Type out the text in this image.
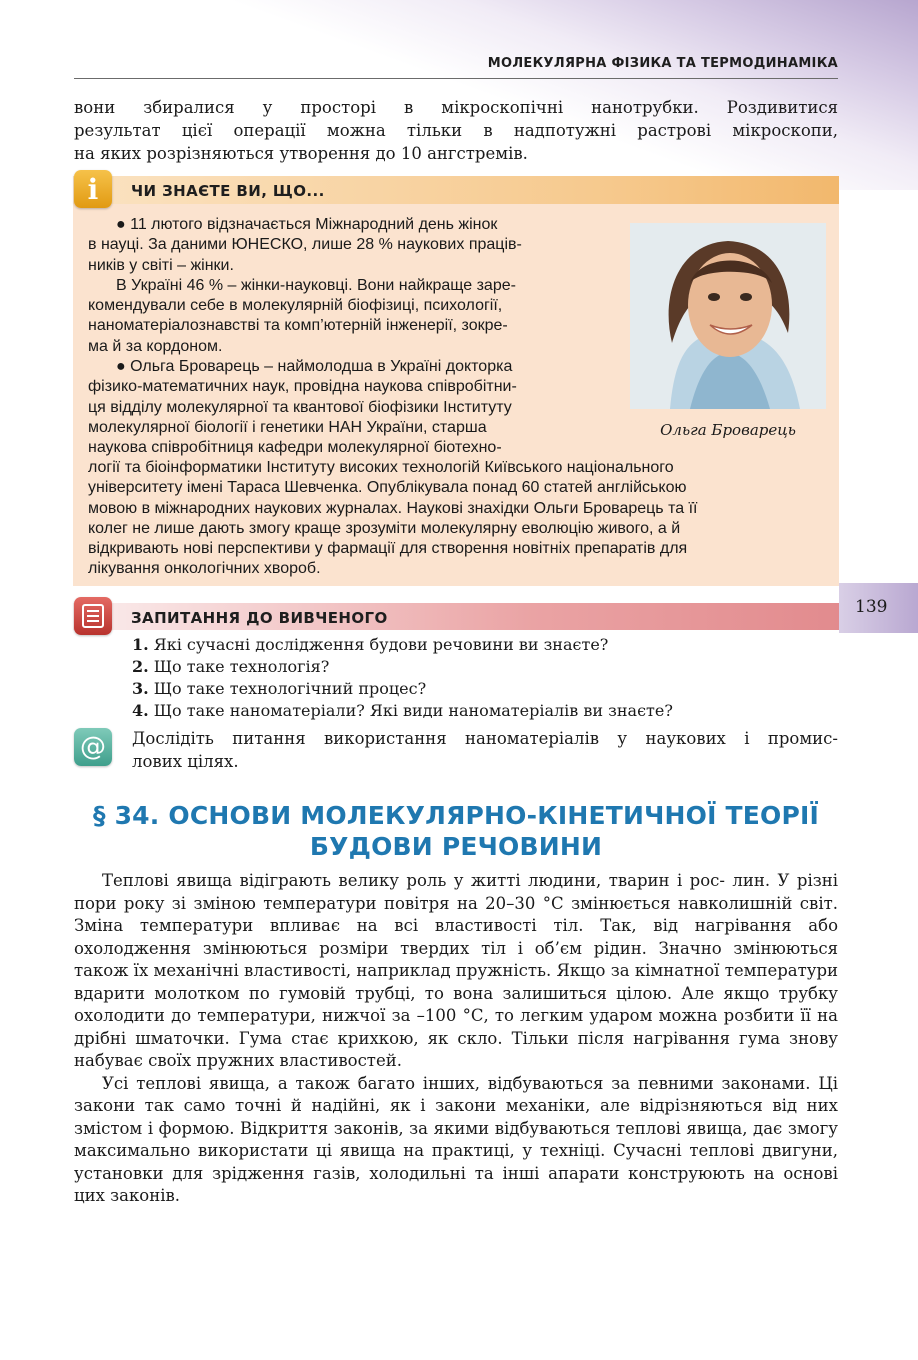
МОЛЕКУЛЯРНА ФІЗИКА ТА ТЕРМОДИНАМІКА
вони збиралися у просторі в мікроскопічні нанотрубки. Роздивитися
результат цієї операції можна тільки в надпотужні растрові мікроскопи,
на яких розрізняються утворення до 10 ангстремів.
i	ЧИ ЗНАЄТЕ ВИ, ЩО...
● 11 лютого відзначається Міжнародний день жінок
в науці. За даними ЮНЕСКО, лише 28 % наукових працiв-
ників у світі – жінки.
В Україні 46 % – жінки-науковці. Вони найкраще заре-
комендували себе в молекулярній біофізиці, психології,
наноматеріалознавстві та комп’ютерній інженерії, зокре-
ма й за кордоном.
● Ольга Броварець – наймолодша в Україні докторка
фізико-математичних наук, провідна наукова співробітни-
ця відділу молекулярної та квантової біофізики Інституту
молекулярної біології і генетики НАН України, старша
наукова співробітниця кафедри молекулярної біотехно-
логії та біоінформатики Інституту високих технологій Київського національного
університету імені Тараса Шевченка. Опублікувала понад 60 статей англійською
мовою в міжнародних наукових журналах. Наукові знахідки Ольги Броварець та її
колег не лише дають змогу краще зрозуміти молекулярну еволюцію живого, а й
відкривають нові перспективи у фармації для створення новітніх препаратів для
лікування онкологічних хвороб.
Ольга Броварець
139
ЗАПИТАННЯ ДО ВИВЧЕНОГО
1. Які сучасні дослідження будови речовини ви знаєте?
2. Що таке технологія?
3. Що таке технологічний процес?
4. Що таке наноматеріали? Які види наноматеріалів ви знаєте?
@	Дослідіть питання використання наноматеріалів у наукових і промис-
лових цілях.
§ 34. ОСНОВИ МОЛЕКУЛЯРНО-КІНЕТИЧНОЇ ТЕОРІЇ
БУДОВИ РЕЧОВИНИ

Теплові явища відіграють велику роль у житті людини, тварин і рос- лин. У різні пори року зі зміною температури повітря на 20–30 °С змінюється навколишній світ. Зміна температури впливає на всі властивості тіл. Так, від нагрівання або охолодження змінюються розміри твердих тіл і об’єм рідин. Значно змінюються також їх механічні властивості, наприклад пружність. Якщо за кімнатної температури вдарити молотком по гумовій трубці, то вона залишиться цілою. Але якщо трубку охолодити до температури, нижчої за –100 °С, то легким ударом можна розбити її на дрібні шматочки. Гума стає крихкою, як скло. Тільки після нагрівання гума знову набуває своїх пружних властивостей.

Усі теплові явища, а також багато інших, відбуваються за певними законами. Ці закони так само точні й надійні, як і закони механіки, але відрізняються від них змістом і формою. Відкриття законів, за якими відбуваються теплові явища, дає змогу максимально використати ці явища на практиці, у техніці. Сучасні теплові двигуни, установки для зрідження газів, холодильні та інші апарати конструюють на основі цих законів.
